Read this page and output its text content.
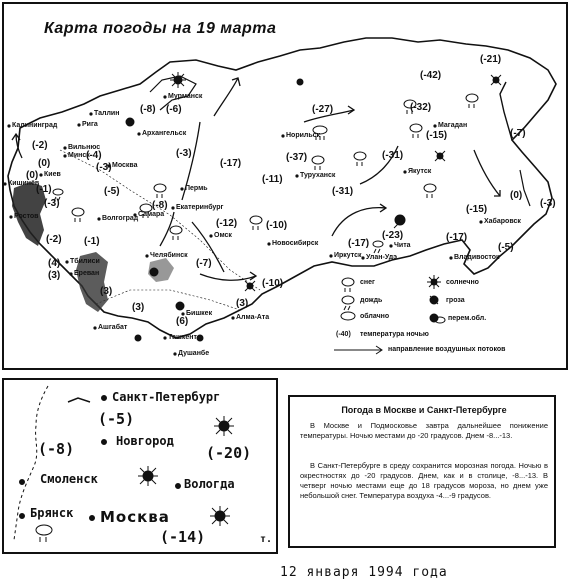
Карта погоды на 19 марта
Калининград
Таллин
Рига
Вильнюс
Минск
Москва
Мурманск
Архангельск
Кишинёв
Киев
Ростов	Волгоград
Самара
Пермь
Екатеринбург
Омск
Челябинск
Тбилиси
Ереван
Ашгабат
Ташкент
Бишкек
Алма-Ата
Душанбе
Норильск
Туруханск
Новосибирск
Иркутск Улан-Удэ
Чита
Якутск
Магадан
Хабаровск
Владивосток
(-21)
(-42)
(-32)
(-15)	(-7)
(-27)
(-8) (-6)
(-3)	(-37)	(-31)
(-17)
(-2)
(-4)
(-3)
(0)
(0)
(-1)	(-5)
(-11)
(-31)	(0)
(-3)
(-3)	(-8)	(-15)
(-12)	(-10)
(-23)
(-2) (-1)	(-17)
(-17)
(-5)
(4)
(3)
(-7)
(-10)
(3)
(3)
(3)
(6)
снег
дождь
облачно
солнечно
гроза
перем.обл.
(-40) температура ночью
направление воздушных потоков
Санкт-Петербург
(-5)
Новгород
(-8)	(-20)
Смоленск	Вологда
Брянск Москва
(-14)	т.
Погода в Москве и Санкт-Петербурге

В Москве и Подмосковье завтра дальнейшее понижение температуры. Ночью местами до -20 градусов. Днем -8...-13.

В Санкт-Петербурге в среду сохранится морозная погода. Ночью в окрестностях до -20 градусов. Днем, как и в столице, -8...-13. В четверг ночью местами еще до 18 градусов мороза, но днем уже небольшой снег. Температура воздуха -4...-9 градусов.

12 января 1994 года
